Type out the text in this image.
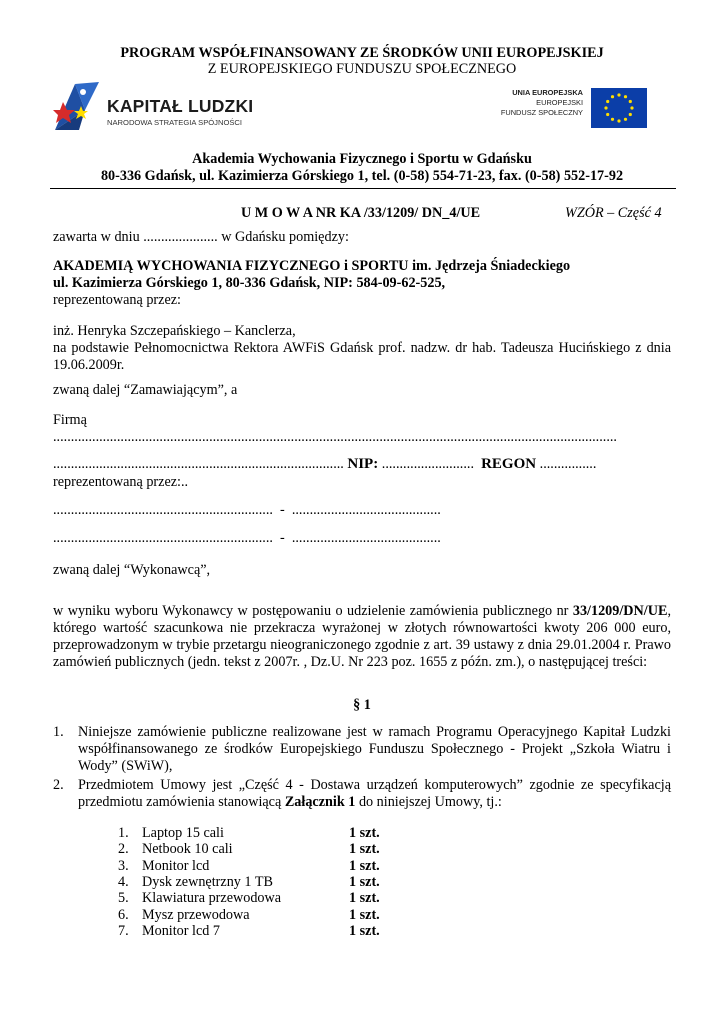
PROGRAM WSPÓŁFINANSOWANY ZE ŚRODKÓW UNII EUROPEJSKIEJ
Z EUROPEJSKIEGO FUNDUSZU SPOŁECZNEGO
KAPITAŁ LUDZKI
NARODOWA STRATEGIA SPÓJNOŚCI
UNIA EUROPEJSKA
EUROPEJSKI
FUNDUSZ SPOŁECZNY
Akademia Wychowania Fizycznego i Sportu w Gdańsku
80-336 Gdańsk, ul. Kazimierza Górskiego 1, tel. (0-58) 554-71-23, fax. (0-58) 552-17-92
U M O W A NR KA /33/1209/ DN_4/UE	WZÓR – Część 4
zawarta w dniu ..................... w Gdańsku pomiędzy:
AKADEMIĄ WYCHOWANIA FIZYCZNEGO i SPORTU im. Jędrzeja Śniadeckiego
ul. Kazimierza Górskiego 1, 80-336 Gdańsk, NIP: 584-09-62-525,
reprezentowaną przez:
inż. Henryka Szczepańskiego – Kanclerza,
na podstawie Pełnomocnictwa Rektora AWFiS Gdańsk prof. nadzw. dr hab. Tadeusza Hucińskiego z dnia 19.06.2009r.
zwaną dalej “Zamawiającym”, a
Firmą
...............................................................................................................................................................
.................................................................................. NIP: .......................... REGON ................
reprezentowaną przez:..
.............................................................. - ..........................................
.............................................................. - ..........................................
zwaną dalej “Wykonawcą”,
w wyniku wyboru Wykonawcy w postępowaniu o udzielenie zamówienia publicznego nr 33/1209/DN/UE, którego wartość szacunkowa nie przekracza wyrażonej w złotych równowartości kwoty 206 000 euro, przeprowadzonym w trybie przetargu nieograniczonego zgodnie z art. 39 ustawy z dnia 29.01.2004 r. Prawo zamówień publicznych (jedn. tekst z 2007r. , Dz.U. Nr 223 poz. 1655 z późn. zm.), o następującej treści:
§ 1
1. Niniejsze zamówienie publiczne realizowane jest w ramach Programu Operacyjnego Kapitał Ludzki współfinansowanego ze środków Europejskiego Funduszu Społecznego - Projekt „Szkoła Wiatru i Wody” (SWiW),
2. Przedmiotem Umowy jest „Część 4 - Dostawa urządzeń komputerowych” zgodnie ze specyfikacją przedmiotu zamówienia stanowiącą Załącznik 1 do niniejszej Umowy, tj.:
1. Laptop 15 cali	1 szt.
2. Netbook 10 cali	1 szt.
3. Monitor lcd	1 szt.
4. Dysk zewnętrzny 1 TB	1 szt.
5. Klawiatura przewodowa	1 szt.
6. Mysz przewodowa	1 szt.
7. Monitor lcd 7	1 szt.
